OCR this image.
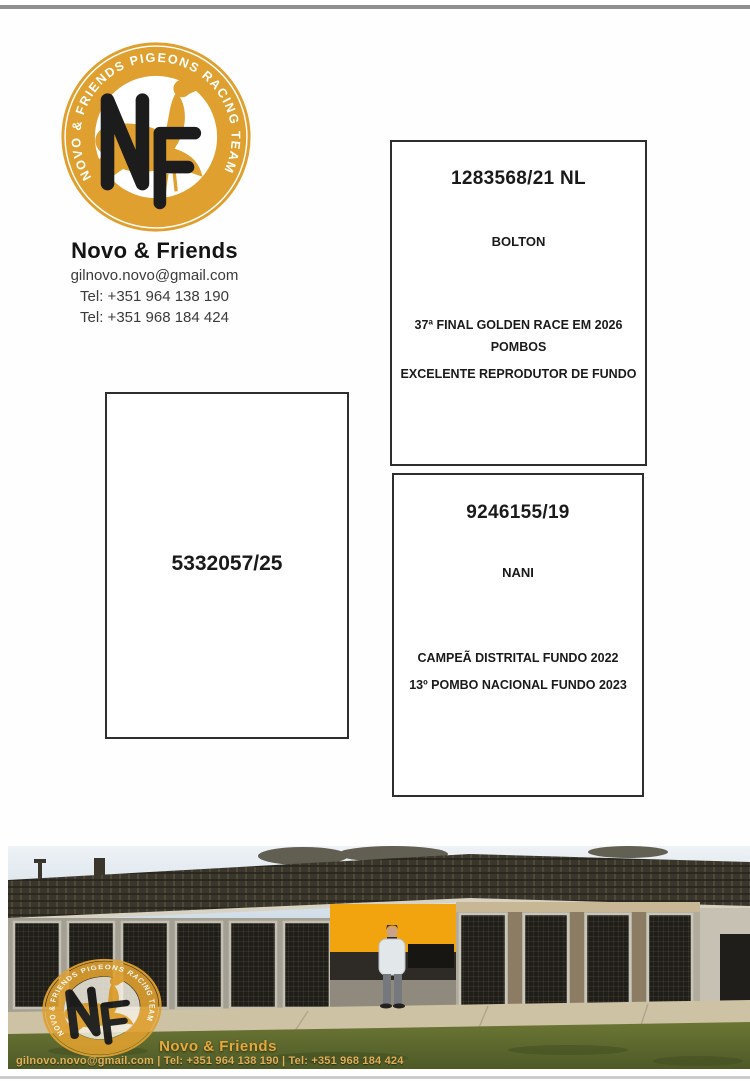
NOVO & FRIENDS PIGEONS RACING TEAM
Novo & Friends
gilnovo.novo@gmail.com
Tel: +351 964 138 190
Tel: +351 968 184 424
1283568/21 NL
BOLTON
37ª FINAL GOLDEN RACE EM 2026
POMBOS
EXCELENTE REPRODUTOR DE FUNDO
5332057/25
9246155/19
NANI
CAMPEÃ DISTRITAL FUNDO 2022
13º POMBO NACIONAL FUNDO 2023
NOVO & FRIENDS PIGEONS RACING TEAM
Novo & Friends
gilnovo.novo@gmail.com | Tel: +351 964 138 190 | Tel: +351 968 184 424
